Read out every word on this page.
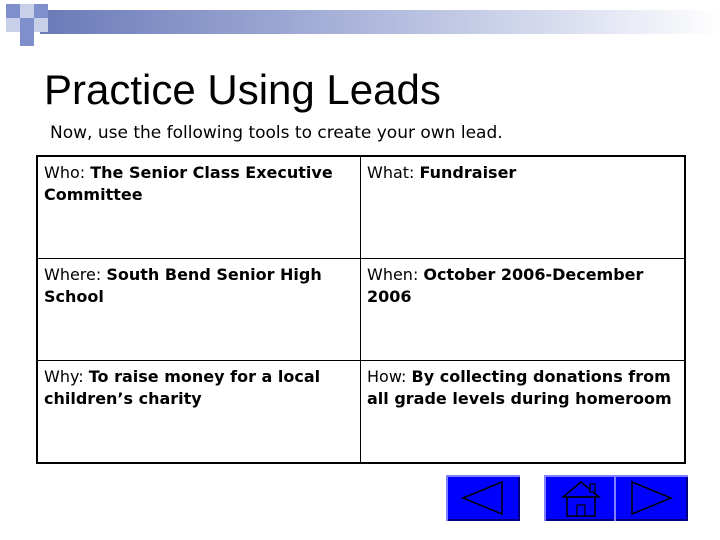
Practice Using Leads
Now, use the following tools to create your own lead.
Who: The Senior Class Executive Committee	What: Fundraiser
Where: South Bend Senior High School	When: October 2006-December 2006
Why: To raise money for a local children’s charity	How: By collecting donations from all grade levels during homeroom
